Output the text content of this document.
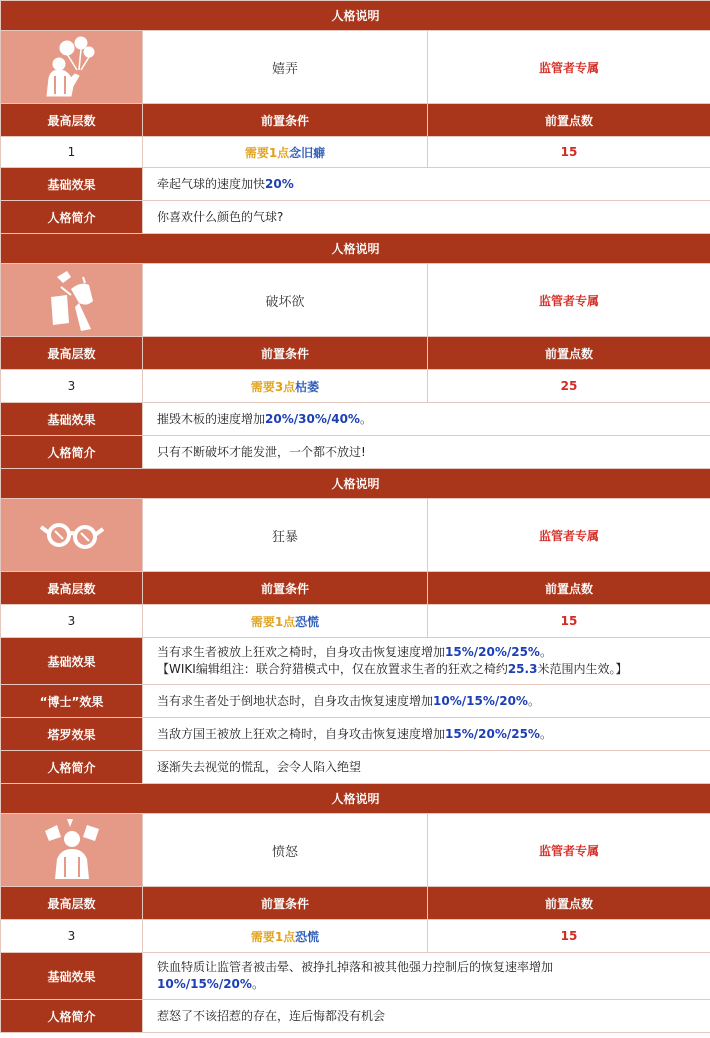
人格说明		

	嬉弄	监管者专属
最高层数	前置条件	前置点数
1	需要1点念旧癖	15
基础效果	牵起气球的速度加快20%	
人格简介	你喜欢什么颜色的气球?	
人格说明		

	破坏欲	监管者专属
最高层数	前置条件	前置点数
3	需要3点枯萎	25
基础效果	摧毁木板的速度增加20%/30%/40%。	
人格简介	只有不断破坏才能发泄，一个都不放过!	
人格说明		

	狂暴	监管者专属
最高层数	前置条件	前置点数
3	需要1点恐慌	15
基础效果	当有求生者被放上狂欢之椅时，自身攻击恢复速度增加15%/20%/25%。
【WIKI编辑组注：联合狩猎模式中，仅在放置求生者的狂欢之椅约25.3米范围内生效。】	

“博士”效果	当有求生者处于倒地状态时，自身攻击恢复速度增加10%/15%/20%。	
塔罗效果	当敌方国王被放上狂欢之椅时，自身攻击恢复速度增加15%/20%/25%。	
人格简介	逐渐失去视觉的慌乱，会令人陷入绝望	
人格说明		

	愤怒	监管者专属
最高层数	前置条件	前置点数
3	需要1点恐慌	15
基础效果	铁血特质让监管者被击晕、被挣扎掉落和被其他强力控制后的恢复速率增加
10%/15%/20%。	
人格简介	惹怒了不该招惹的存在，连后悔都没有机会	
